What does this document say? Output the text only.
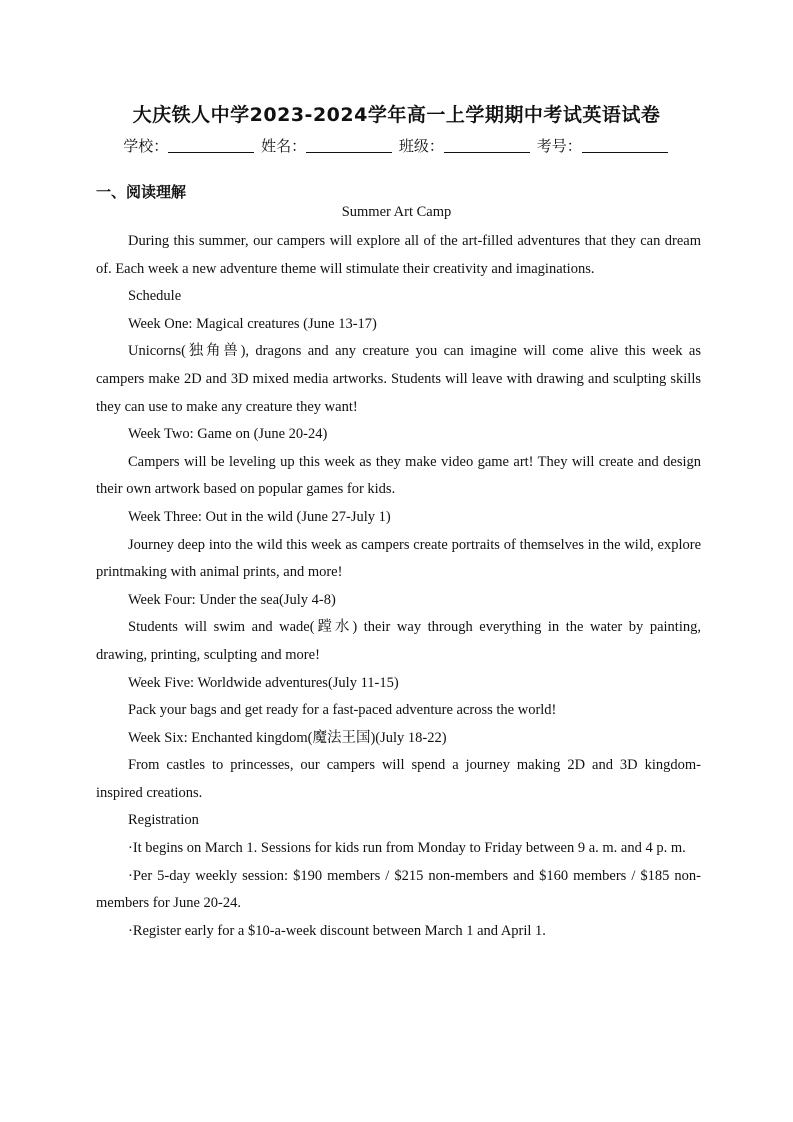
大庆铁人中学2023-2024学年高一上学期期中考试英语试卷
学校：	姓名：	班级：	考号：
一、阅读理解
Summer Art Camp

During this summer, our campers will explore all of the art-filled adventures that they can dream of. Each week a new adventure theme will stimulate their creativity and imaginations.

Schedule

Week One: Magical creatures (June 13-17)

Unicorns(独角兽), dragons and any creature you can imagine will come alive this week as campers make 2D and 3D mixed media artworks. Students will leave with drawing and sculpting skills they can use to make any creature they want!

Week Two: Game on (June 20-24)

Campers will be leveling up this week as they make video game art! They will create and design their own artwork based on popular games for kids.

Week Three: Out in the wild (June 27-July 1)

Journey deep into the wild this week as campers create portraits of themselves in the wild, explore printmaking with animal prints, and more!

Week Four: Under the sea(July 4-8)

Students will swim and wade(蹚水) their way through everything in the water by painting, drawing, printing, sculpting and more!

Week Five: Worldwide adventures(July 11-15)

Pack your bags and get ready for a fast-paced adventure across the world!

Week Six: Enchanted kingdom(魔法王国)(July 18-22)

From castles to princesses, our campers will spend a journey making 2D and 3D kingdom-inspired creations.

Registration

·It begins on March 1. Sessions for kids run from Monday to Friday between 9 a. m. and 4 p. m.

·Per 5-day weekly session: $190 members / $215 non-members and $160 members / $185 non-members for June 20-24.

·Register early for a $10-a-week discount between March 1 and April 1.
